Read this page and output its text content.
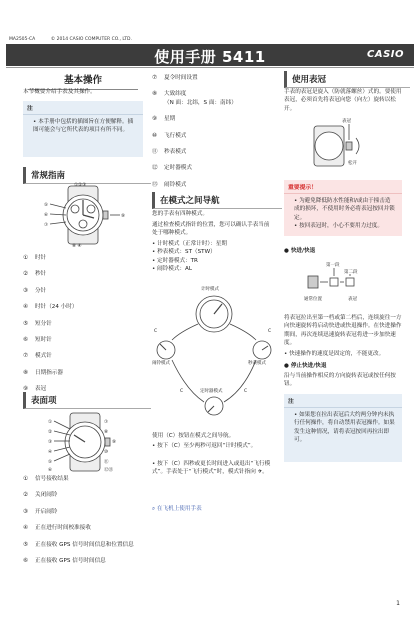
MA2505-CA	© 2014 CASIO COMPUTER CO., LTD.
使用手册 5411	CASIO
基本操作
本节概要介绍手表及其操作。
注
• 本手册中包括的插图旨在方便解释。插图可能会与它所代表的项目有所不同。
常规指南
⑤
⑥
⑦
①②③
⑨
⑧ ④
① 时针
② 秒针
③ 分针
④ 时针（24 小时）
⑤ 短分针
⑥ 短时针
⑦ 模式针
⑧ 日期指示器
⑨ 表冠
表面项
①
②
③
④
⑤
⑥
⑦
⑧
⑨
⑩
⑪
⑫⑬
① 信号接收结果
② 关闭闹铃
③ 开启闹铃
④ 正在进行时间校准接收
⑤ 正在接收 GPS 信号时间信息和位置信息
⑥ 正在接收 GPS 信号时间信息
⑦ 夏令时间设置
⑧ 大致纬度
（N 面：北纬，S 面：南纬）
⑨ 星期
⑩ 飞行模式
⑪ 秒表模式
⑫ 定时器模式
⑬ 闹铃模式
在模式之间导航
您的手表有四种模式。
通过检查模式指针的位置，您可以确认手表当前处于哪种模式。
• 计时模式（正常计时）：星期
• 秒表模式：ST（STW）
• 定时器模式：TR
• 闹铃模式：AL
计时模式
C	C
闹铃模式	秒表模式
C	C
定时器模式
使用（C）按钮在模式之间导航。
• 按下（C）至少两秒可返回“计时模式”。
• 按下（C）四秒或更长时间进入或退出“飞行模式”。手表处于“飞行模式”时，模式针指向 ✈。
⌕ 在飞机上使用手表
使用表冠
手表的表冠是旋入（防就落螺丝）式的。要使用表冠，必须首先将表冠向您（向左）旋转以松开。
表冠
松开
重要提示！
• 为避免降低防水性能和/或由于撞击造成的损坏，不使用时务必将表冠按回并锁定。
• 按回表冠时，小心不要用力过度。
● 快进/快退
第一段
第二段
通常位置	表冠
将表冠拉出至第一档或第二档后，连续旋往一方向快速旋转将启动快进或快退操作。在快进操作期间，再次连续迅速旋转表冠将进一步加快速度。
• 快速操作的速度是固定的，不能更改。
● 停止快进/快退
沿与当前操作相反的方向旋转表冠或按任何按钮。
注
• 如果您在拉出表冠后大约两分钟内未执行任何操作，将自动禁用表冠操作。如果发生这种情况，请将表冠按回再拉出即可。
1
